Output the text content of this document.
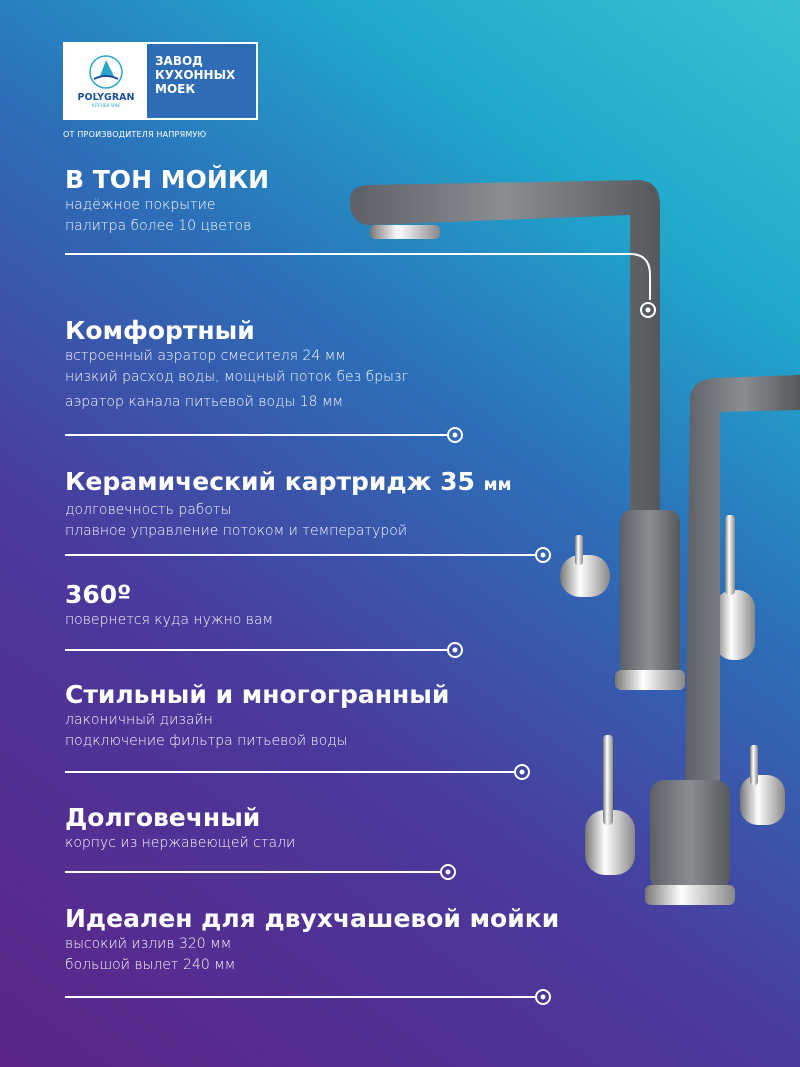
POLYGRAN
KITCHEN SINK
ЗАВОД
КУХОННЫХ
МОЕК
ОТ ПРОИЗВОДИТЕЛЯ НАПРЯМУЮ
В ТОН МОЙКИ
надёжное покрытие
палитра более 10 цветов
Комфортный
встроенный аэратор смесителя 24 мм
низкий расход воды, мощный поток без брызг
аэратор канала питьевой воды 18 мм
Керамический картридж 35 мм
долговечность работы
плавное управление потоком и температурой
360º
повернется куда нужно вам
Стильный и многогранный
лаконичный дизайн
подключение фильтра питьевой воды
Долговечный
корпус из нержавеющей стали
Идеален для двухчашевой мойки
высокий излив 320 мм
большой вылет 240 мм
